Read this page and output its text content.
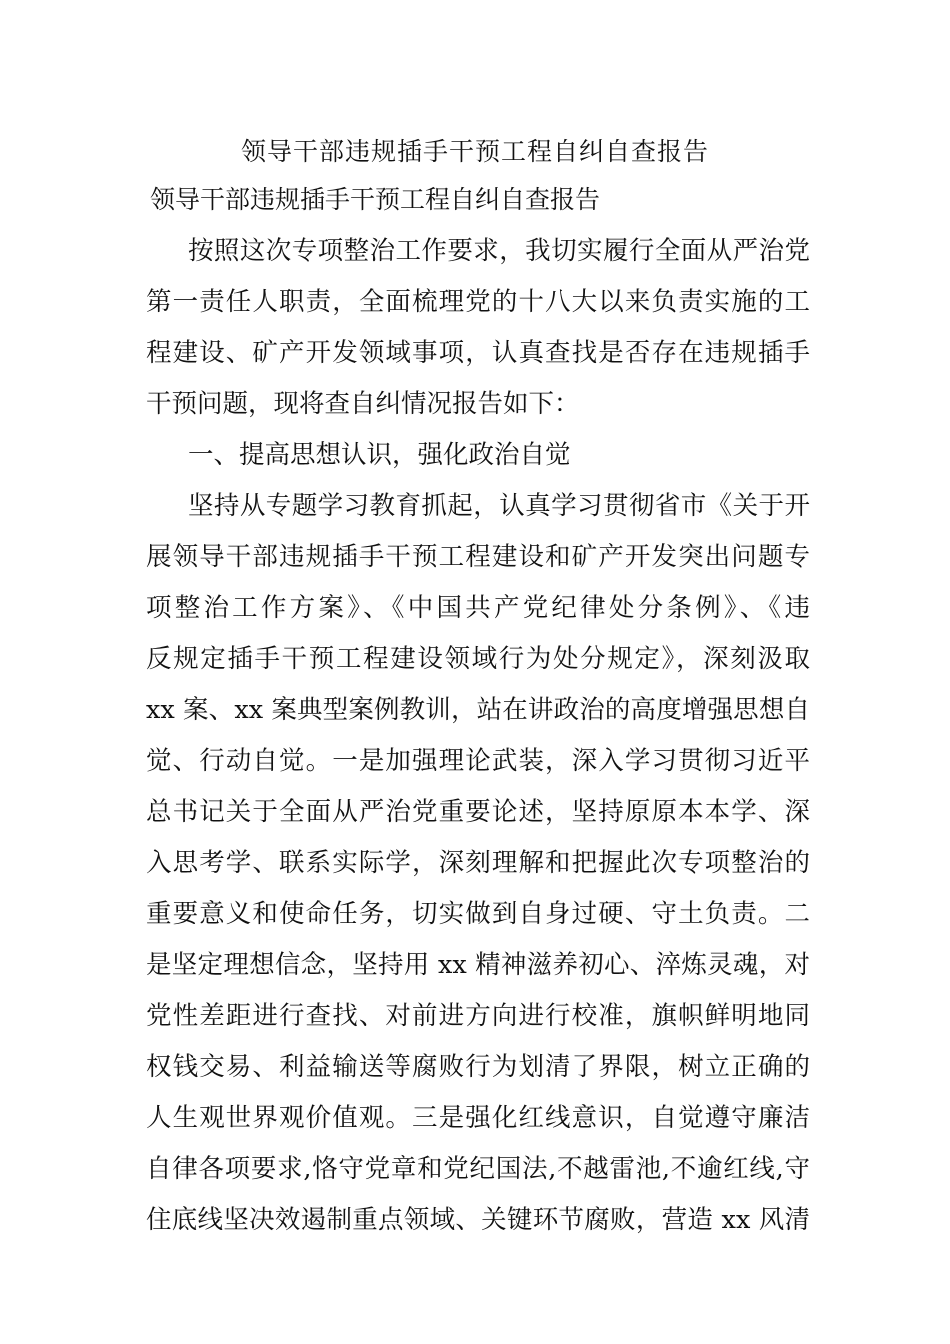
领导干部违规插手干预工程自纠自查报告
领导干部违规插手干预工程自纠自查报告
按照这次专项整治工作要求，我切实履行全面从严治党
第一责任人职责，全面梳理党的十八大以来负责实施的工
程建设、矿产开发领域事项，认真查找是否存在违规插手
干预问题，现将查自纠情况报告如下：
一、提高思想认识，强化政治自觉
坚持从专题学习教育抓起，认真学习贯彻省市《关于开
展领导干部违规插手干预工程建设和矿产开发突出问题专
项整治工作方案》、《中国共产党纪律处分条例》、《违
反规定插手干预工程建设领域行为处分规定》，深刻汲取
xx 案、xx 案典型案例教训，站在讲政治的高度增强思想自
觉、行动自觉。一是加强理论武装，深入学习贯彻习近平
总书记关于全面从严治党重要论述，坚持原原本本学、深
入思考学、联系实际学，深刻理解和把握此次专项整治的
重要意义和使命任务，切实做到自身过硬、守土负责。二
是坚定理想信念，坚持用 xx 精神滋养初心、淬炼灵魂，对
党性差距进行查找、对前进方向进行校准，旗帜鲜明地同
权钱交易、利益输送等腐败行为划清了界限，树立正确的
人生观世界观价值观。三是强化红线意识，自觉遵守廉洁
自律各项要求,恪守党章和党纪国法,不越雷池,不逾红线,守
住底线坚决效遏制重点领域、关键环节腐败，营造 xx 风清
